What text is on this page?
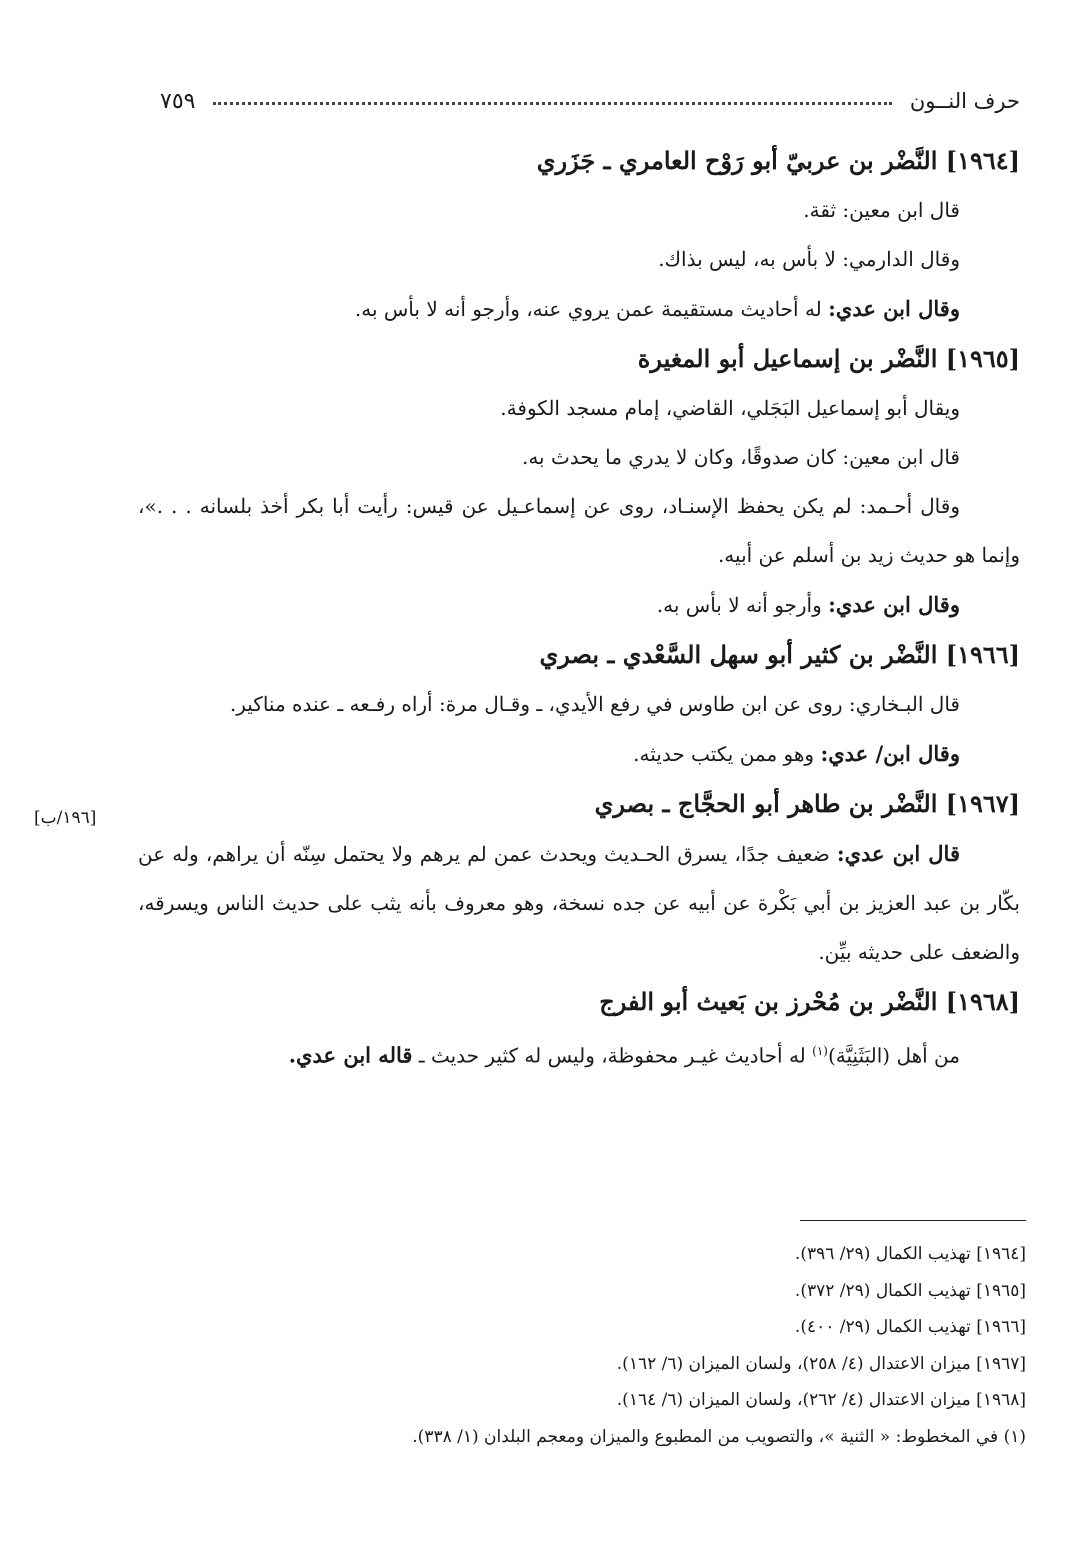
حرف النــون
٧٥٩
[١٩٦/ب]

[١٩٦٤] النَّضْر بن عربيّ أبو رَوْح العامري ـ جَزَري

قال ابن معين: ثقة.

وقال الدارمي: لا بأس به، ليس بذاك.

وقال ابن عدي: له أحاديث مستقيمة عمن يروي عنه، وأرجو أنه لا بأس به.

[١٩٦٥] النَّضْر بن إسماعيل أبو المغيرة

ويقال أبو إسماعيل البَجَلي، القاضي، إمام مسجد الكوفة.

قال ابن معين: كان صدوقًا، وكان لا يدري ما يحدث به.

وقال أحـمد: لم يكن يحفظ الإسنـاد، روى عن إسماعـيل عن قيس: رأيت أبا بكر أخذ بلسانه . . .»، وإنما هو حديث زيد بن أسلم عن أبيه.

وقال ابن عدي: وأرجو أنه لا بأس به.

[١٩٦٦] النَّضْر بن كثير أبو سهل السَّعْدي ـ بصري

قال البـخاري: روى عن ابن طاوس في رفع الأيدي، ـ وقـال مرة: أراه رفـعه ـ عنده مناكير.

وقال ابن/ عدي: وهو ممن يكتب حديثه.

[١٩٦٧] النَّضْر بن طاهر أبو الحجَّاج ـ بصري

قال ابن عدي: ضعيف جدًا، يسرق الحـديث ويحدث عمن لم يرهم ولا يحتمل سِنّه أن يراهم، وله عن بكّار بن عبد العزيز بن أبي بَكْرة عن أبيه عن جده نسخة، وهو معروف بأنه يثب على حديث الناس ويسرقه، والضعف على حديثه بيِّن.

[١٩٦٨] النَّضْر بن مُحْرز بن بَعيث أبو الفرج

من أهل (البَثَنِيَّة)$^{(١)}$ له أحاديث غيـر محفوظة، وليس له كثير حديث ـ قاله ابن عدي.

[١٩٦٤] تهذيب الكمال (٢٩/ ٣٩٦).

[١٩٦٥] تهذيب الكمال (٢٩/ ٣٧٢).

[١٩٦٦] تهذيب الكمال (٢٩/ ٤٠٠).

[١٩٦٧] ميزان الاعتدال (٤/ ٢٥٨)، ولسان الميزان (٦/ ١٦٢).

[١٩٦٨] ميزان الاعتدال (٤/ ٢٦٢)، ولسان الميزان (٦/ ١٦٤).

(١) في المخطوط: « الثنية »، والتصويب من المطبوع والميزان ومعجم البلدان (١/ ٣٣٨).
